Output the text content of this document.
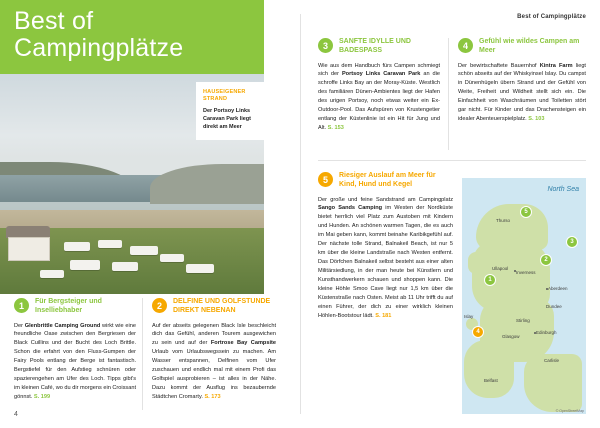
Best of Campingplätze
4
Best of
Campingplätze
HAUSEIGENER STRAND
Der Portsoy Links Caravan Park liegt direkt am Meer
1	Für Bergsteiger und Inselliebhaber
Der Glenbrittle Camping Ground wirkt wie eine freundliche Oase zwischen den Bergriesen der Black Cuillins und der Bucht des Loch Brittle. Schon die erfahrt von den Fluss-Gumpen der Fairy Pools entlang der Berge ist fantastisch. Bergstiefel für den Aufstieg schnüren oder spazierengehen am Ufer des Loch. Tipps gibt's im kleinen Café, wo du dir morgens ein Croissant gönnst. S. 199
2	DELFINE UND GOLFSTUNDE DIREKT NEBENAN
Auf der abseits gelegenen Black Isle beschleicht dich das Gefühl, anderen Tourem ausgewichen zu sein und auf der Fortrose Bay Campsite Urlaub vom Urlaubswegssein zu machen. Am Wasser entspannen, Delfinen vom Ufer zuschauen und endlich mal mit einem Profi das Golfspiel ausprobieren – ist alles in der Nähe. Dazu kommt der Ausflug ins bezaubernde Städtchen Cromarty. S. 173
3	SANFTE IDYLLE UND BADESPASS
Wie aus dem Handbuch fürs Campen schmiegt sich der Portsoy Links Caravan Park an die schroffe Links Bay an der Moray-Küste. Westlich des familiären Dünen-Ambientes liegt der Hafen des urigen Portsoy, noch etwas weiter ein Ex-Outdoor-Pool. Das Aufspüren von Krustengetier entlang der Küstenlinie ist ein Hit für Jung und Alt. S. 153
4	Gefühl wie wildes Campen am Meer
Der bewirtschaftete Bauernhof Kintra Farm liegt schön abseits auf der Whiskyinsel Islay. Du campst in Dünenhügeln übern Strand und der Gefühl von Weite, Freiheit und Wildheit stellt sich ein. Die Einfachheit von Waschräumen und Toiletten stört gar nicht. Für Kinder und das Drachensteigen ein idealer Abenteuerspielplatz. S. 103
5	Riesiger Auslauf am Meer für Kind, Hund und Kegel
Der große und feine Sandstrand am Campingplatz Sango Sands Camping im Westen der Nordküste bietet herrlich viel Platz zum Austoben mit Kindern und Hunden. An schönen warmen Tagen, die es auch im Mai geben kann, kommt beinahe Karibikgefühl auf. Der nächste tolle Strand, Balnakeil Beach, ist nur 5 km über die kleine Landstraße nach Westen entfernt. Das Dörfchen Balnakeil selbst besteht aus einer alten Militärsiedlung, in der man heute bei Künstlern und Kunsthandwerkern schauen und shoppen kann. Die kleine Höhle Smoo Cave liegt nur 1,5 km über die Küstenstraße nach Osten. Meist ab 11 Uhr trifft du auf einen Führer, der dich zu einer wirklich kleinen Höhlen-Bootstour lädt. S. 181
North Sea
5
3
2
1
4
Thurso
Ullapool
Inverness
Aberdeen
Dundee
Stirling
Glasgow
Edinburgh
Islay
Belfast
Carlisle
© OpenStreetMap
